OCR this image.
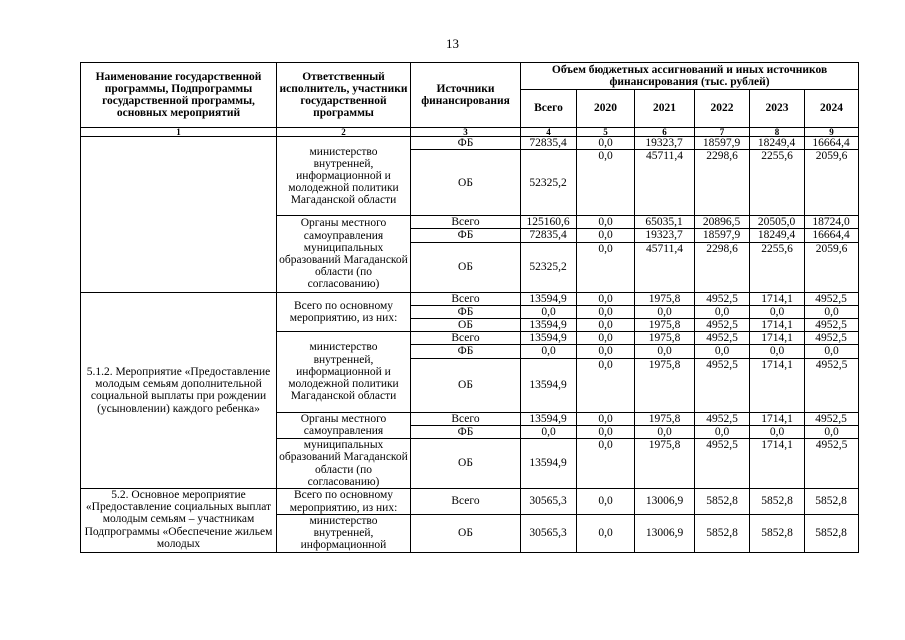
13
Наименование государственной программы, Подпрограммы государственной программы, основных мероприятий	Ответственный исполнитель, участники государственной программы	Источники финансирования	Объем бюджетных ассигнований и иных источников финансирования (тыс. рублей)					
			Всего	2020	2021	2022	2023	2024
1	2	3	4	5	6	7	8	9
	министерство внутренней, информационной и молодежной политики Магаданской области	ФБ	72835,4	0,0	19323,7	18597,9	18249,4	16664,4
		ОБ	52325,2	0,0	45711,4	2298,6	2255,6	2059,6
	Органы местного самоуправления муниципальных образований Магаданской области (по согласованию)	Всего	125160,6	0,0	65035,1	20896,5	20505,0	18724,0
		ФБ	72835,4	0,0	19323,7	18597,9	18249,4	16664,4
		ОБ	52325,2	0,0	45711,4	2298,6	2255,6	2059,6
5.1.2. Мероприятие «Предоставление молодым семьям дополнительной социальной выплаты при рождении (усыновлении) каждого ребенка»	Всего по основному мероприятию, из них:	Всего	13594,9	0,0	1975,8	4952,5	1714,1	4952,5
		ФБ	0,0	0,0	0,0	0,0	0,0	0,0
		ОБ	13594,9	0,0	1975,8	4952,5	1714,1	4952,5
	министерство внутренней, информационной и молодежной политики Магаданской области	Всего	13594,9	0,0	1975,8	4952,5	1714,1	4952,5
		ФБ	0,0	0,0	0,0	0,0	0,0	0,0
		ОБ	13594,9	0,0	1975,8	4952,5	1714,1	4952,5
	Органы местного самоуправления	Всего	13594,9	0,0	1975,8	4952,5	1714,1	4952,5
		ФБ	0,0	0,0	0,0	0,0	0,0	0,0
	муниципальных образований Магаданской области (по согласованию)	ОБ	13594,9	0,0	1975,8	4952,5	1714,1	4952,5
5.2. Основное мероприятие «Предоставление социальных выплат молодым семьям – участникам Подпрограммы «Обеспечение жильем молодых	Всего по основному мероприятию, из них:	Всего	30565,3	0,0	13006,9	5852,8	5852,8	5852,8
	министерство внутренней, информационной	ОБ	30565,3	0,0	13006,9	5852,8	5852,8	5852,8
